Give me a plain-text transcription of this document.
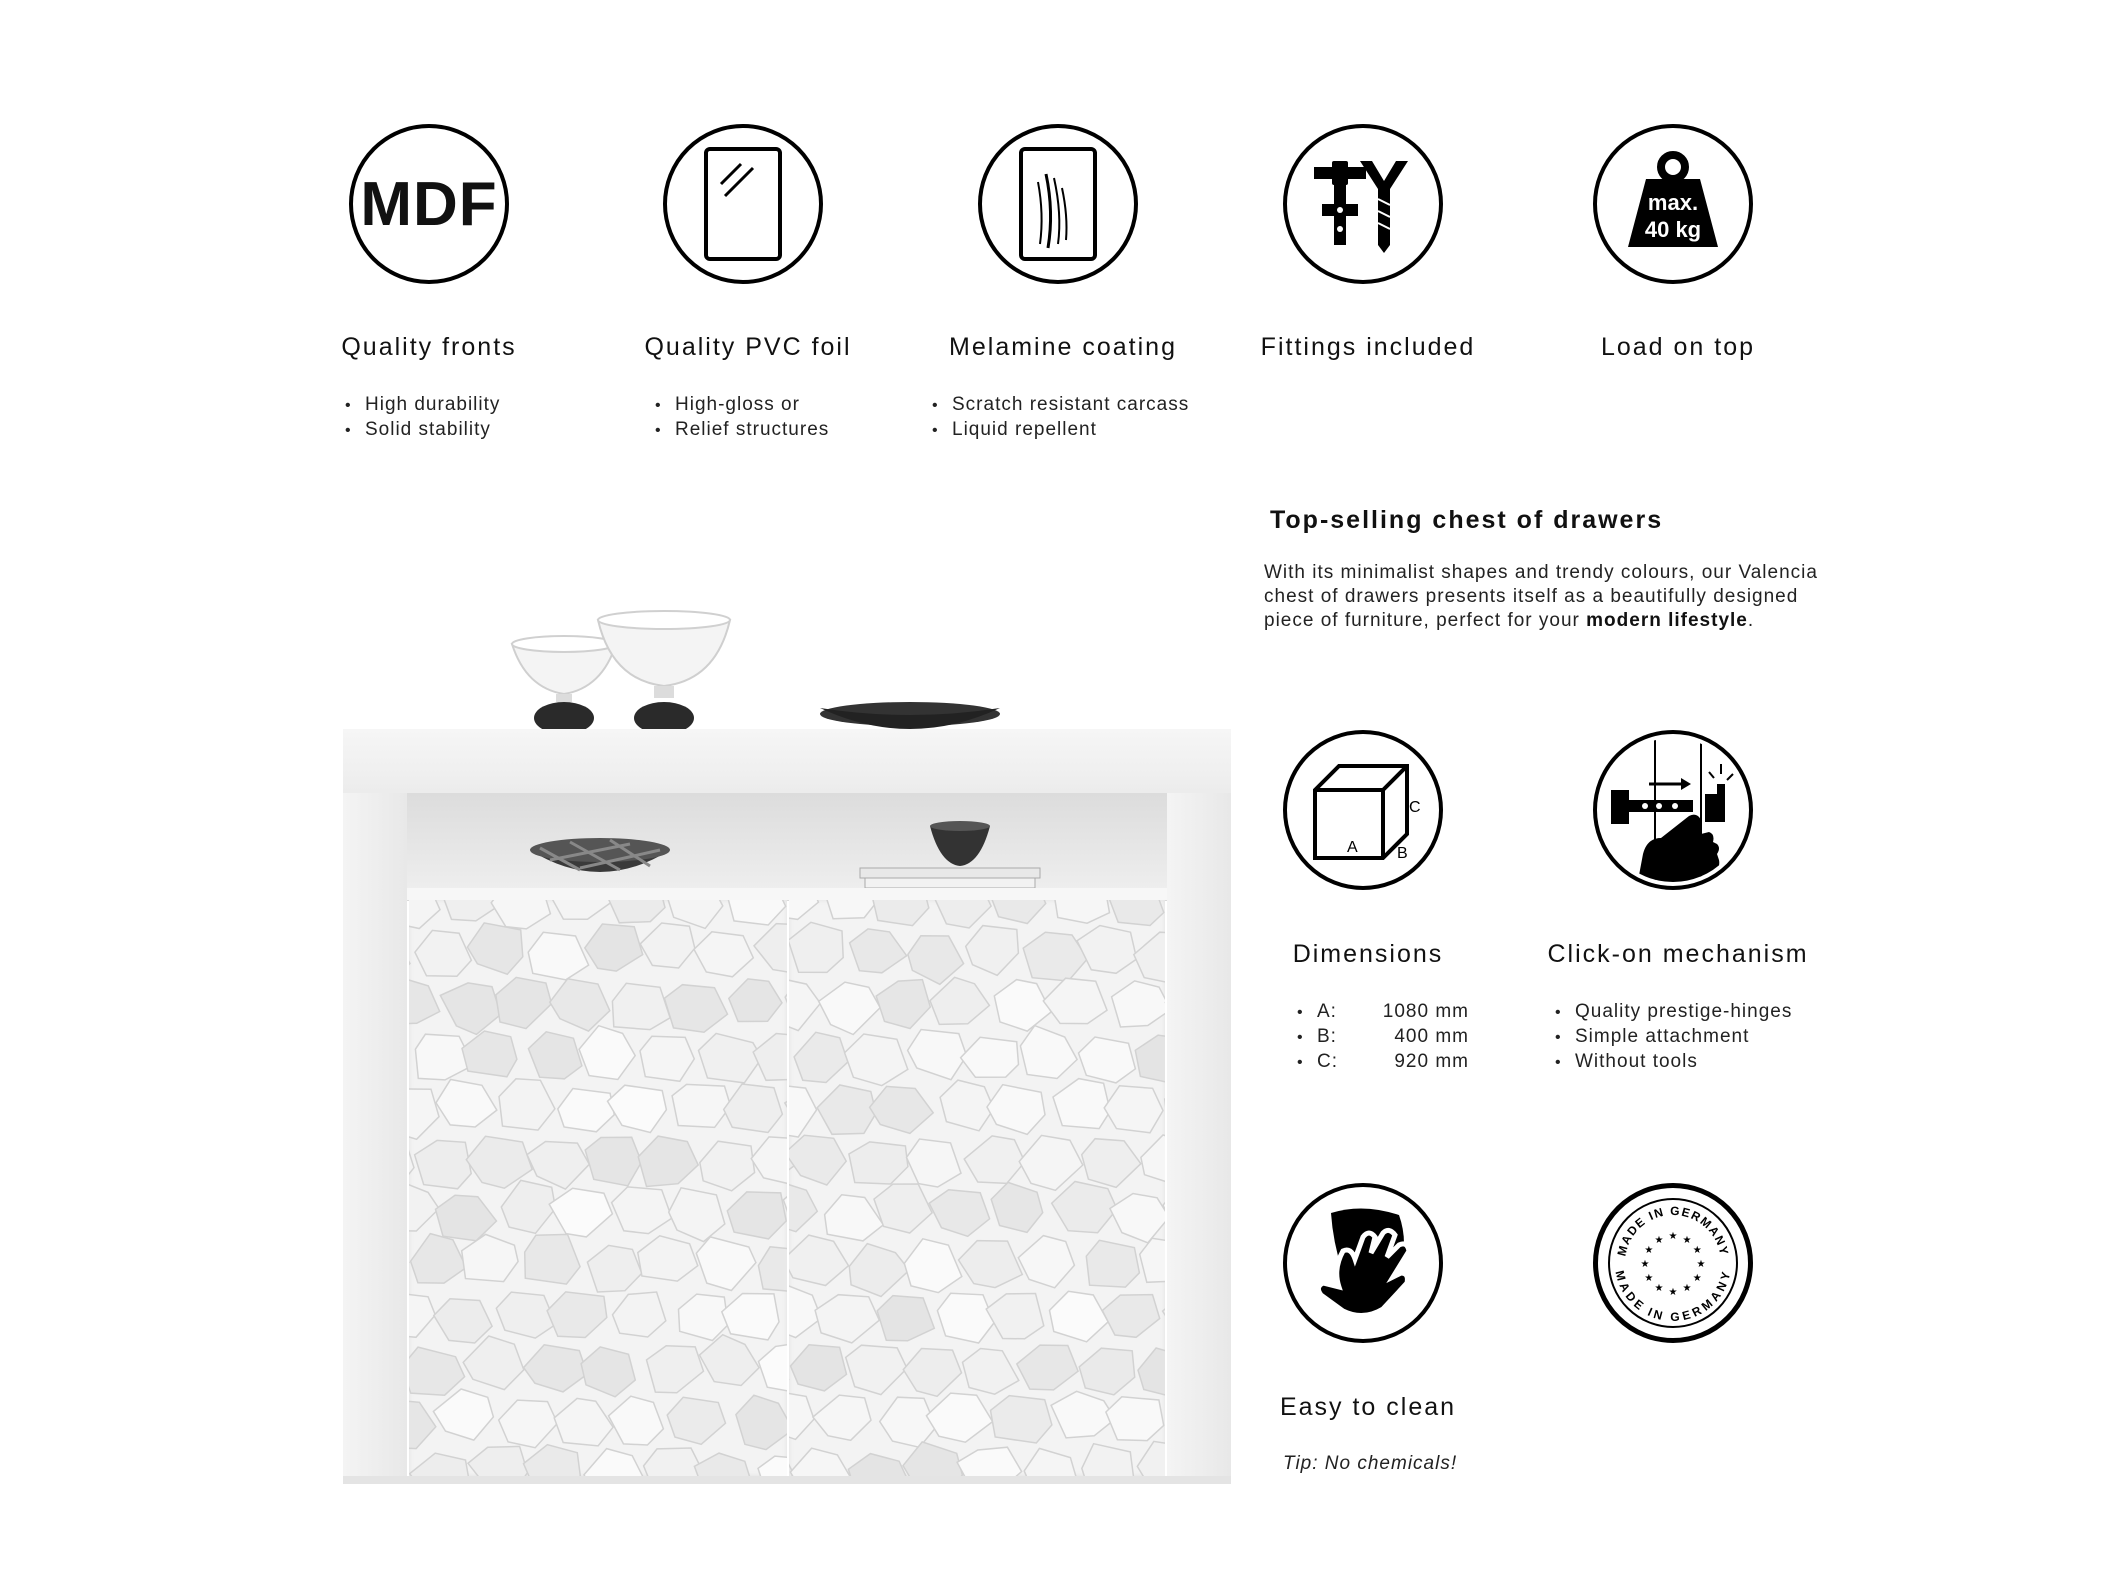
MDF
Quality fronts
• High durability
• Solid stability
Quality PVC foil
• High-gloss or
• Relief structures
Melamine coating
• Scratch resistant carcass
• Liquid repellent
Fittings included
max.
40 kg
Load on top
Top-selling chest of drawers
With its minimalist shapes and trendy colours, our Valencia chest of drawers presents itself as a beautifully designed piece of furniture, perfect for your modern lifestyle.
A B
C
Dimensions
• A: 1080 mm
• B:	400 mm
• C:	920 mm
Click-on mechanism
• Quality prestige-hinges
• Simple attachment
• Without tools
Easy to clean
Tip: No chemicals!
MADE IN GERMANY
MADE IN GERMANY
★
★
★
★
★
★
★
★
★ ★ ★
★
